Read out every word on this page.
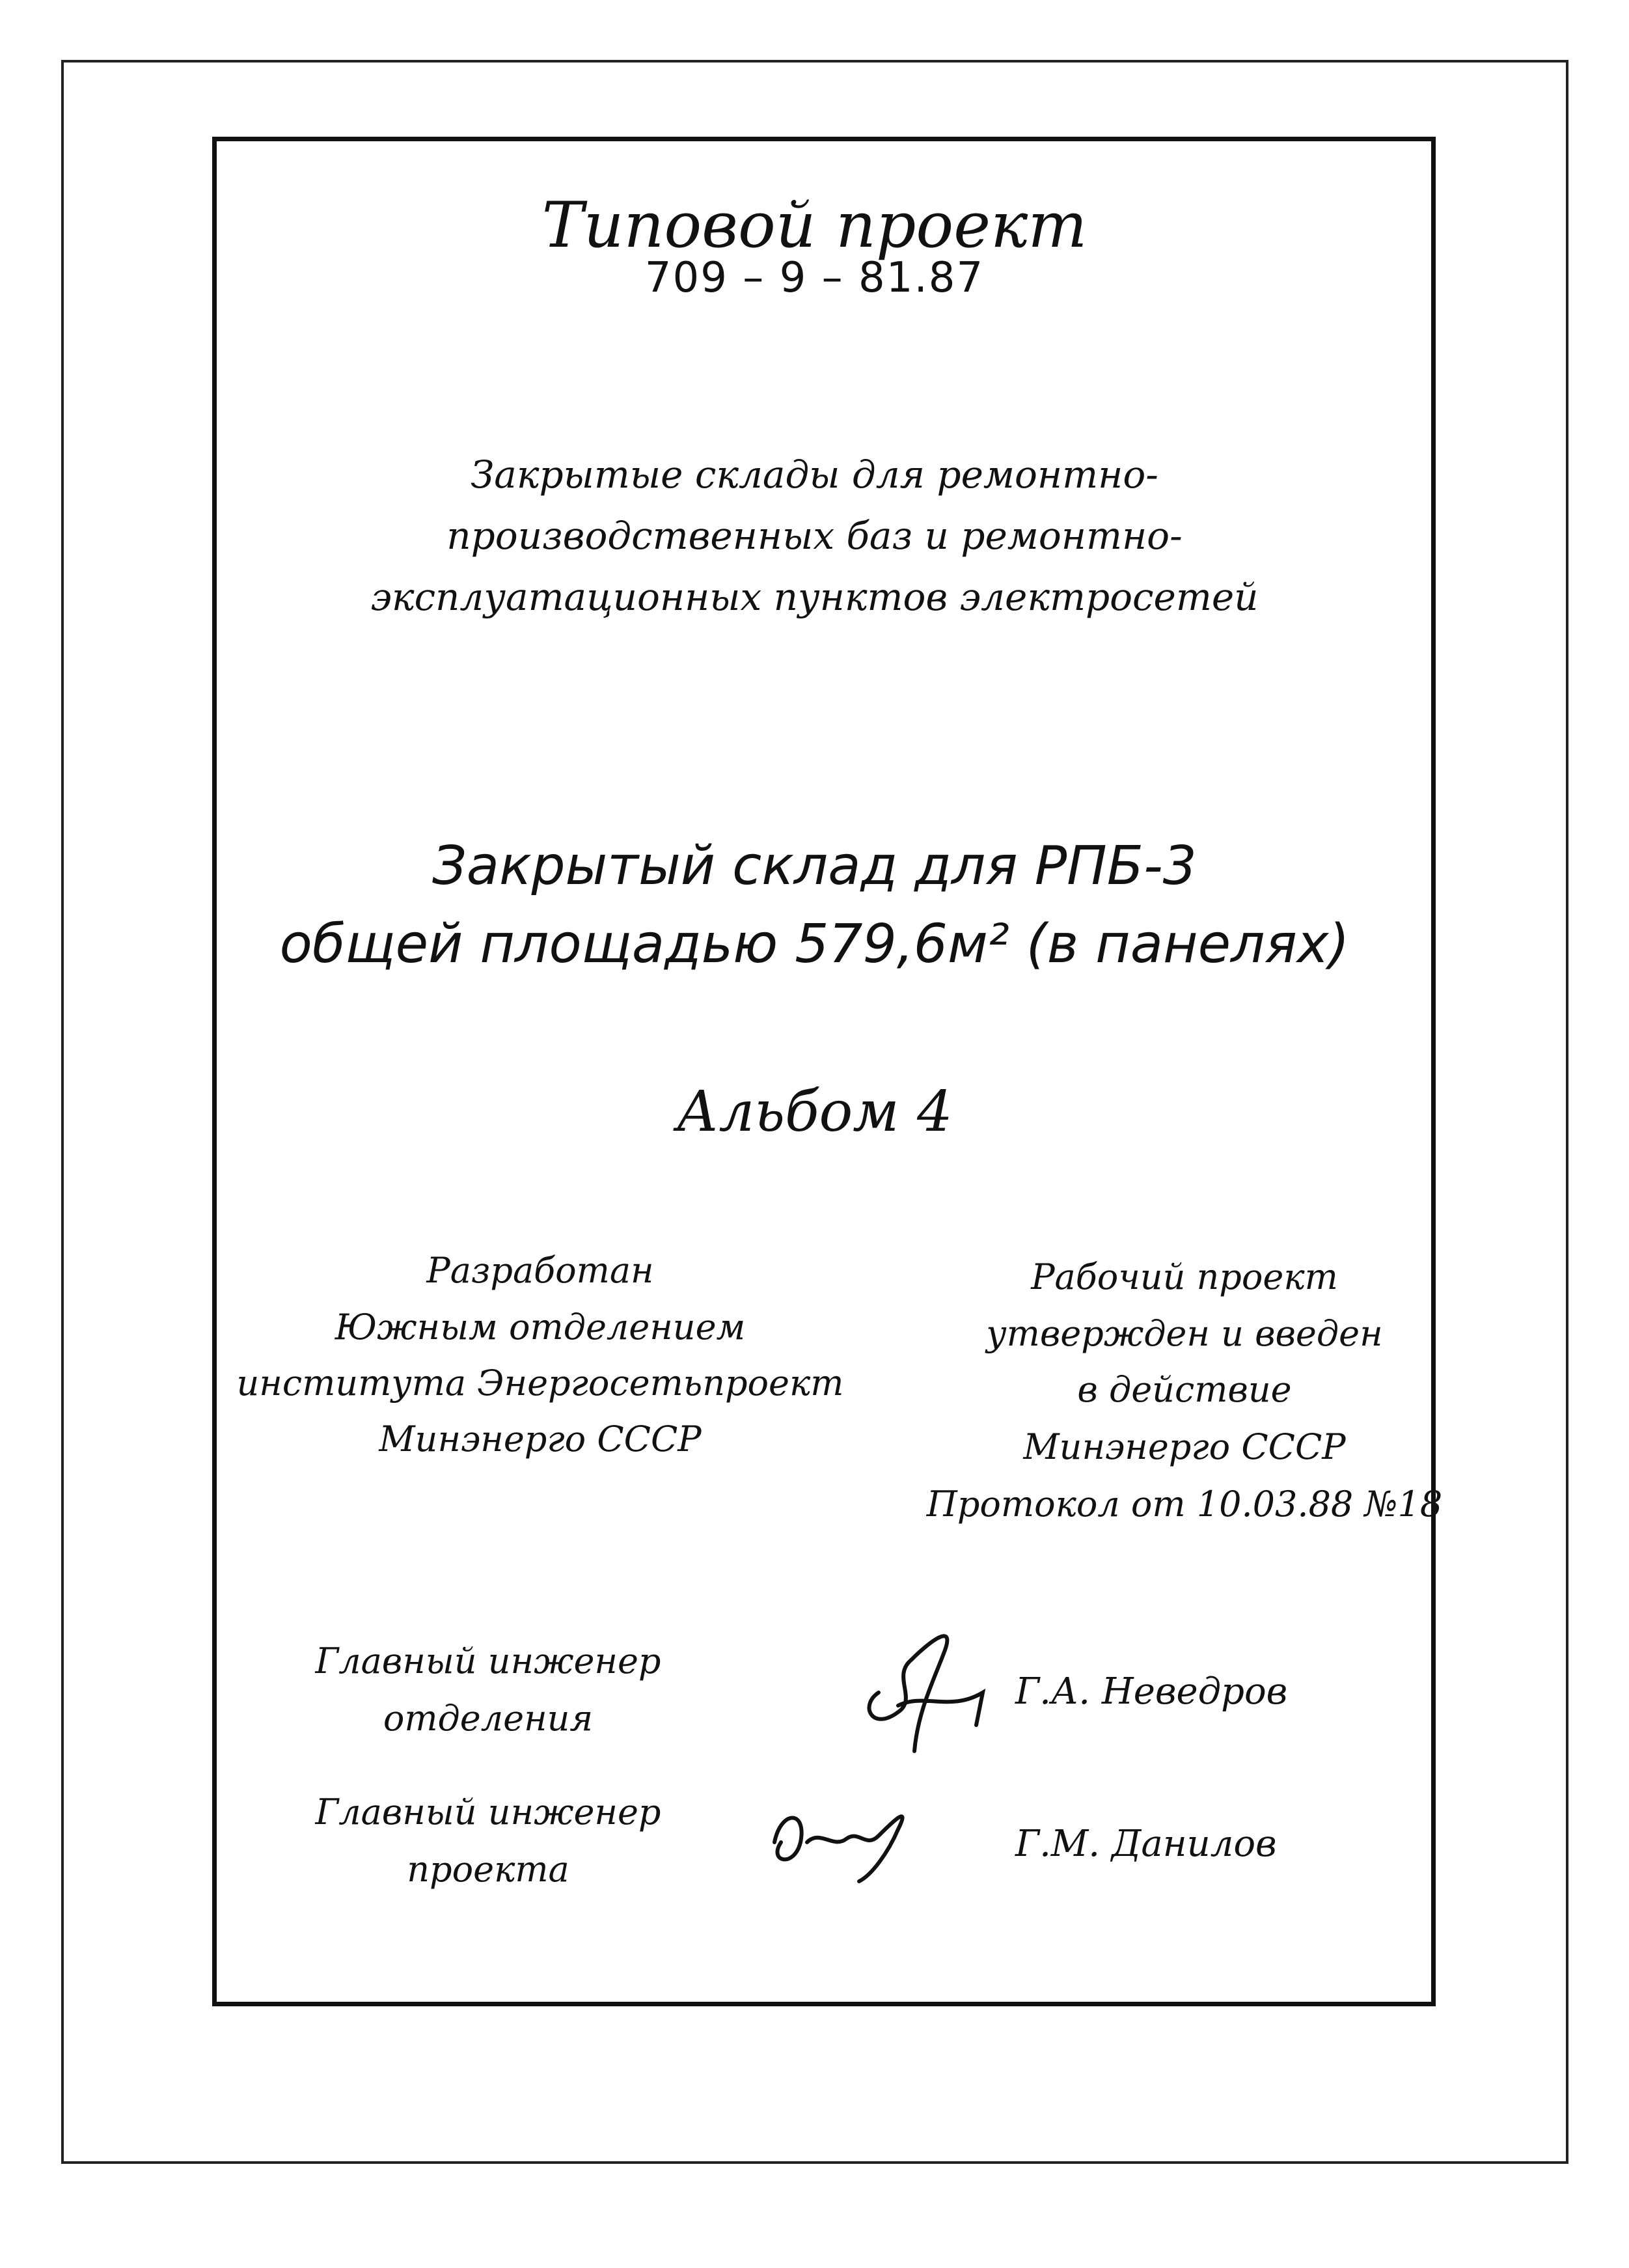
Типовой проект
709 – 9 – 81.87
Закрытые склады для ремонтно-
производственных баз и ремонтно-
эксплуатационных пунктов электросетей
Закрытый склад для РПБ-3
общей площадью 579,6м² (в панелях)
Альбом 4
Разработан
Южным отделением
института Энергосетьпроект
Минэнерго СССР
Рабочий проект
утвержден и введен
в действие
Минэнерго СССР
Протокол от 10.03.88 №18
Главный инженер
отделения
Г.А. Неведров
Главный инженер
проекта
Г.М. Данилов
